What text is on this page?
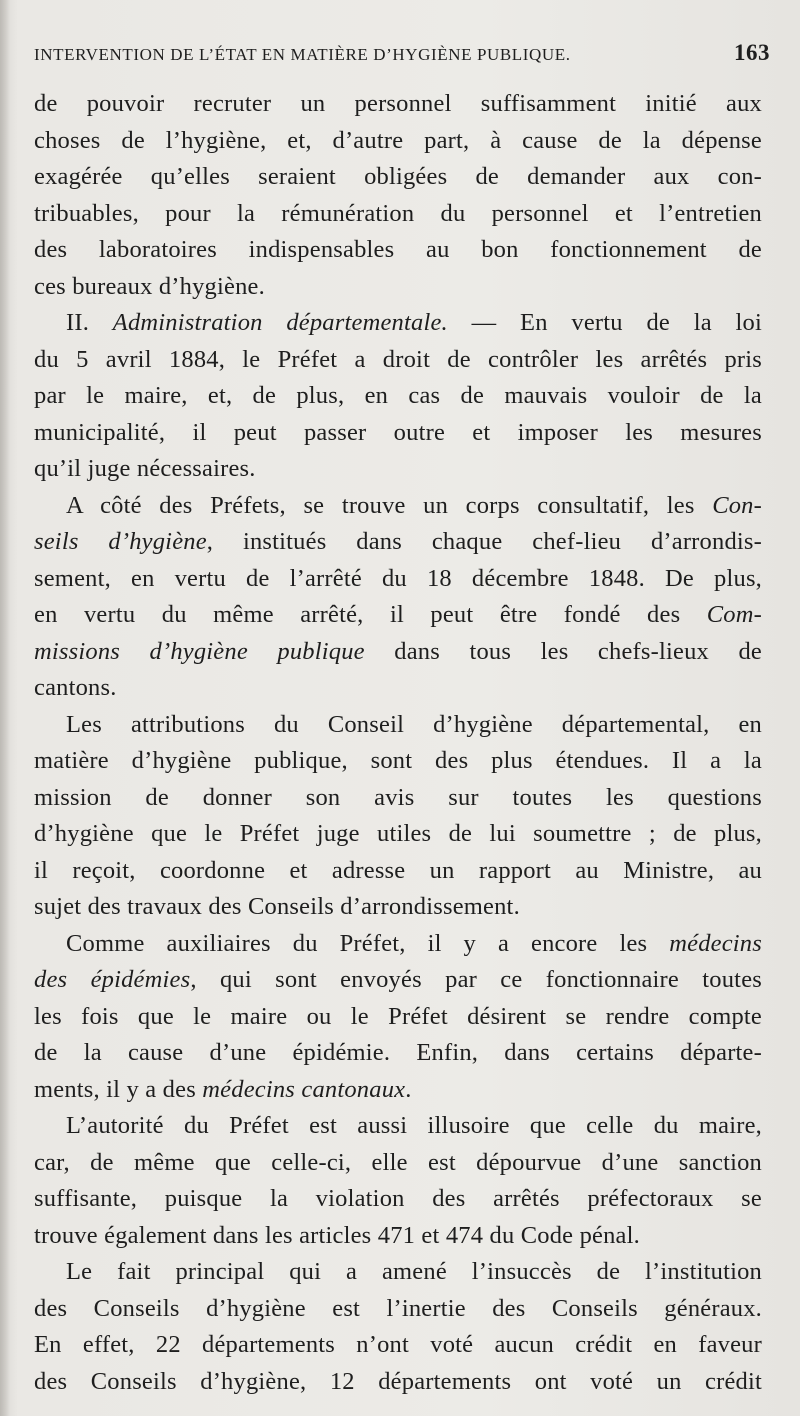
INTERVENTION DE L’ÉTAT EN MATIÈRE D’HYGIÈNE PUBLIQUE.	163
de pouvoir recruter un personnel suffisamment initié aux
choses de l’hygiène, et, d’autre part, à cause de la dépense
exagérée qu’elles seraient obligées de demander aux con-
tribuables, pour la rémunération du personnel et l’entretien
des laboratoires indispensables au bon fonctionnement de
ces bureaux d’hygiène.
II. Administration départementale. — En vertu de la loi
du 5 avril 1884, le Préfet a droit de contrôler les arrêtés pris
par le maire, et, de plus, en cas de mauvais vouloir de la
municipalité, il peut passer outre et imposer les mesures
qu’il juge nécessaires.
A côté des Préfets, se trouve un corps consultatif, les Con-
seils d’hygiène, institués dans chaque chef-lieu d’arrondis-
sement, en vertu de l’arrêté du 18 décembre 1848. De plus,
en vertu du même arrêté, il peut être fondé des Com-
missions d’hygiène publique dans tous les chefs-lieux de
cantons.
Les attributions du Conseil d’hygiène départemental, en
matière d’hygiène publique, sont des plus étendues. Il a la
mission de donner son avis sur toutes les questions
d’hygiène que le Préfet juge utiles de lui soumettre ; de plus,
il reçoit, coordonne et adresse un rapport au Ministre, au
sujet des travaux des Conseils d’arrondissement.
Comme auxiliaires du Préfet, il y a encore les médecins
des épidémies, qui sont envoyés par ce fonctionnaire toutes
les fois que le maire ou le Préfet désirent se rendre compte
de la cause d’une épidémie. Enfin, dans certains départe-
ments, il y a des médecins cantonaux.
L’autorité du Préfet est aussi illusoire que celle du maire,
car, de même que celle-ci, elle est dépourvue d’une sanction
suffisante, puisque la violation des arrêtés préfectoraux se
trouve également dans les articles 471 et 474 du Code pénal.
Le fait principal qui a amené l’insuccès de l’institution
des Conseils d’hygiène est l’inertie des Conseils généraux.
En effet, 22 départements n’ont voté aucun crédit en faveur
des Conseils d’hygiène, 12 départements ont voté un crédit
